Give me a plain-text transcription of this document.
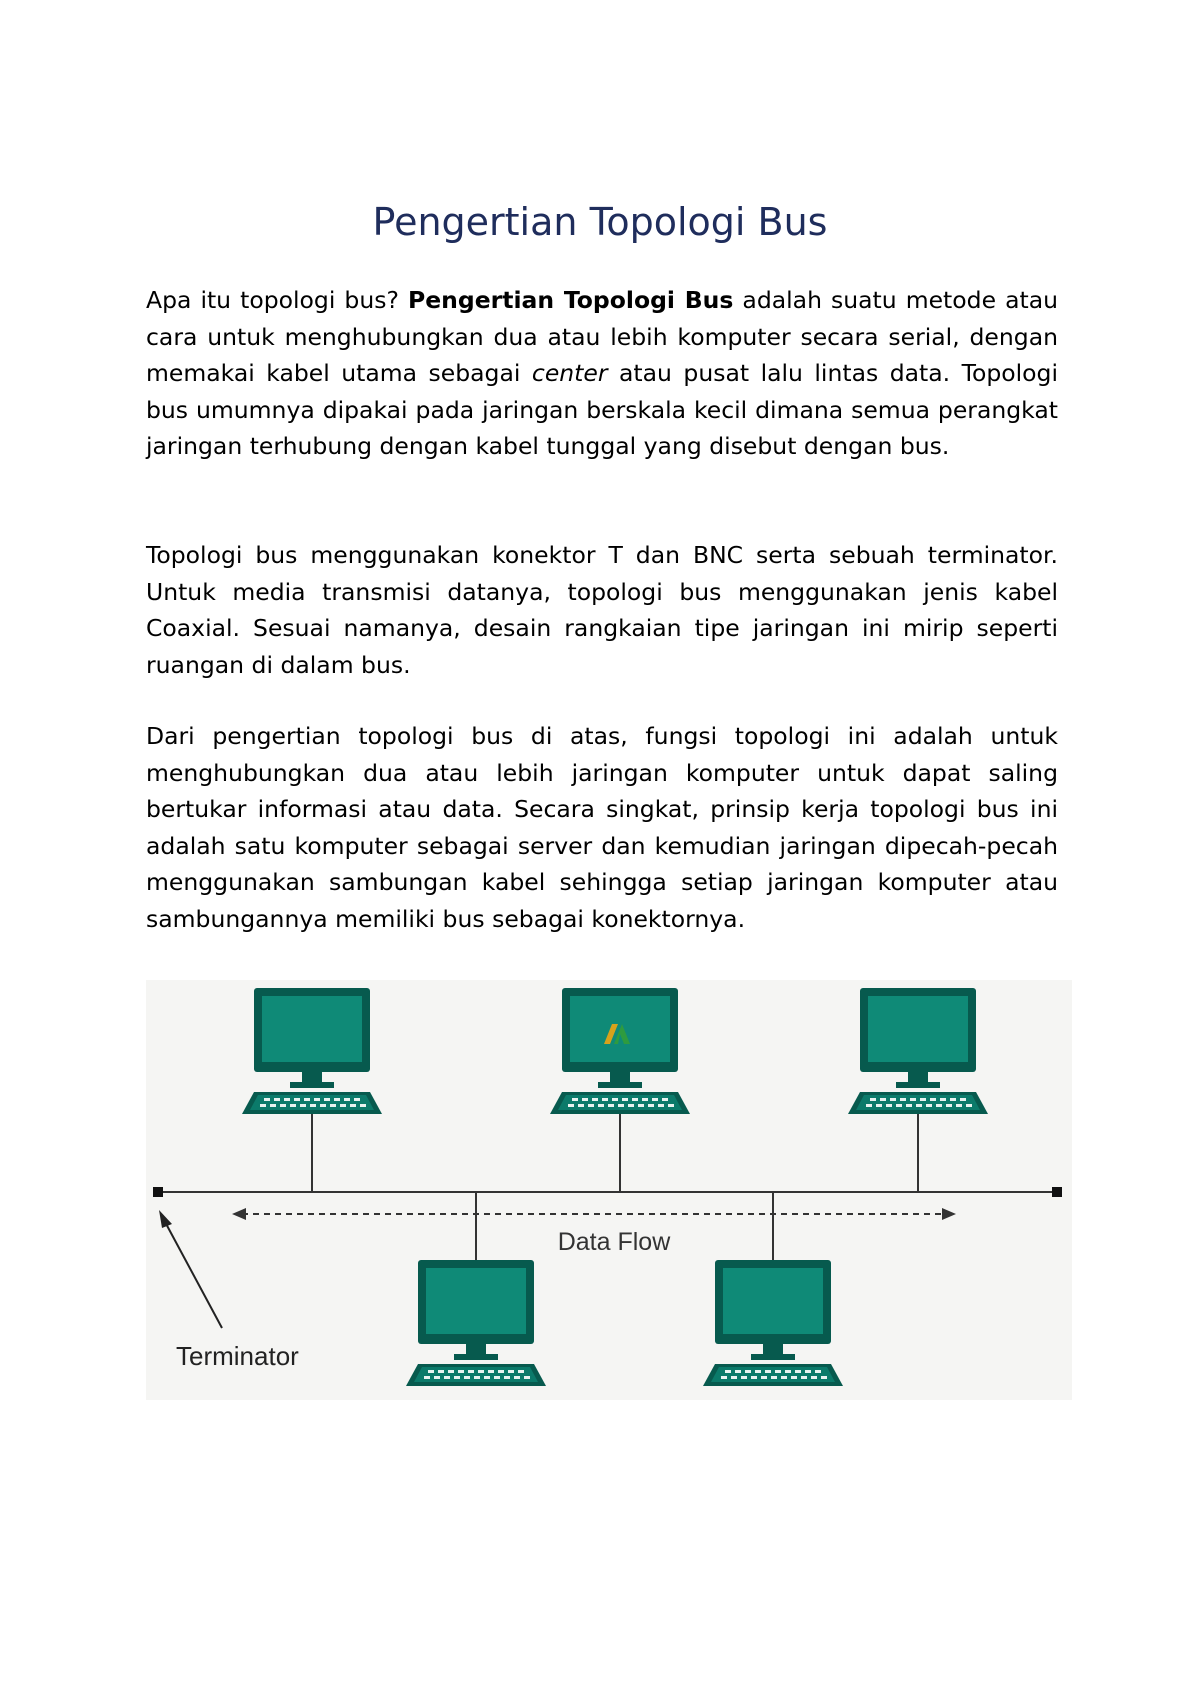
Pengertian Topologi Bus

Apa itu topologi bus? Pengertian Topologi Bus adalah suatu metode atau cara untuk menghubungkan dua atau lebih komputer secara serial, dengan memakai kabel utama sebagai center atau pusat lalu lintas data. Topologi bus umumnya dipakai pada jaringan berskala kecil dimana semua perangkat jaringan terhubung dengan kabel tunggal yang disebut dengan bus.

Topologi bus menggunakan konektor T dan BNC serta sebuah terminator. Untuk media transmisi datanya, topologi bus menggunakan jenis kabel Coaxial. Sesuai namanya, desain rangkaian tipe jaringan ini mirip seperti ruangan di dalam bus.

Dari pengertian topologi bus di atas, fungsi topologi ini adalah untuk menghubungkan dua atau lebih jaringan komputer untuk dapat saling bertukar informasi atau data. Secara singkat, prinsip kerja topologi bus ini adalah satu komputer sebagai server dan kemudian jaringan dipecah-pecah menggunakan sambungan kabel sehingga setiap jaringan komputer atau sambungannya memiliki bus sebagai konektornya.

Data Flow
Terminator
